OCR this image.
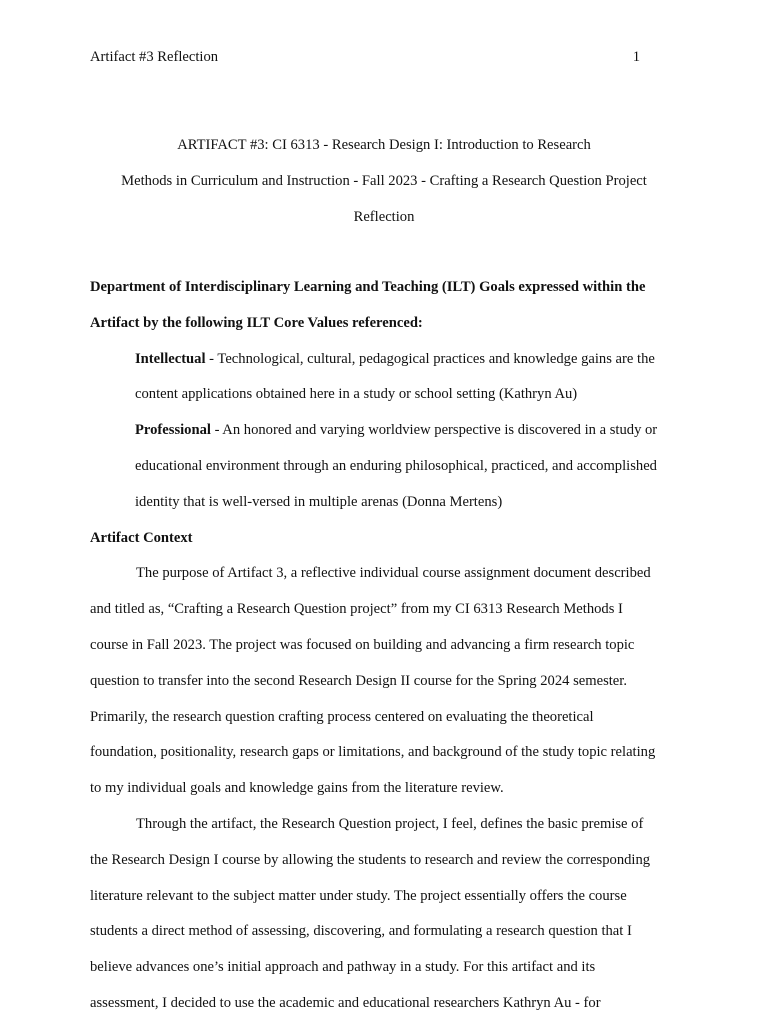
Artifact #3 Reflection	1
ARTIFACT #3: CI 6313 - Research Design I: Introduction to Research
Methods in Curriculum and Instruction - Fall 2023 - Crafting a Research Question Project
Reflection
Department of Interdisciplinary Learning and Teaching (ILT) Goals expressed within the
Artifact by the following ILT Core Values referenced:
Intellectual - Technological, cultural, pedagogical practices and knowledge gains are the
content applications obtained here in a study or school setting (Kathryn Au)
Professional - An honored and varying worldview perspective is discovered in a study or
educational environment through an enduring philosophical, practiced, and accomplished
identity that is well-versed in multiple arenas (Donna Mertens)
Artifact Context
The purpose of Artifact 3, a reflective individual course assignment document described
and titled as, “Crafting a Research Question project” from my CI 6313 Research Methods I
course in Fall 2023. The project was focused on building and advancing a firm research topic
question to transfer into the second Research Design II course for the Spring 2024 semester.
Primarily, the research question crafting process centered on evaluating the theoretical
foundation, positionality, research gaps or limitations, and background of the study topic relating
to my individual goals and knowledge gains from the literature review.
Through the artifact, the Research Question project, I feel, defines the basic premise of
the Research Design I course by allowing the students to research and review the corresponding
literature relevant to the subject matter under study. The project essentially offers the course
students a direct method of assessing, discovering, and formulating a research question that I
believe advances one’s initial approach and pathway in a study. For this artifact and its
assessment, I decided to use the academic and educational researchers Kathryn Au - for
